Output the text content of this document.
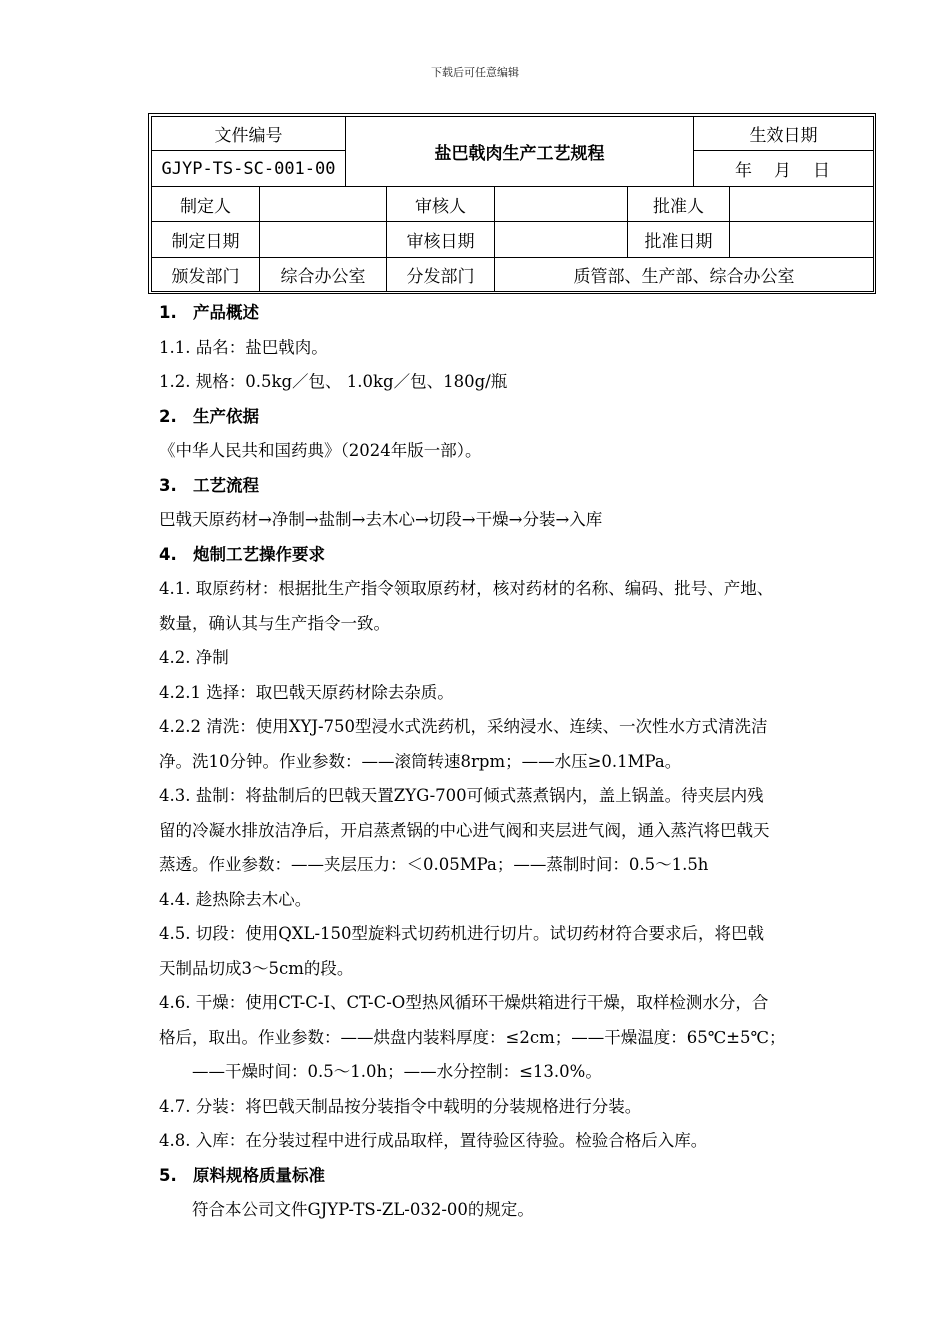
下载后可任意编辑
文件编号		盐巴戟肉生产工艺规程				生效日期	
GJYP-TS-SC-001-00						年 月 日	
制定人			审核人		批准人		
制定日期			审核日期		批准日期		
颁发部门	综合办公室		分发部门	质管部、生产部、综合办公室			
1. 产品概述
1.1. 品名：盐巴戟肉。
1.2. 规格：0.5kg／包、 1.0kg／包、180g/瓶
2. 生产依据
《中华人民共和国药典》（2024年版一部）。
3. 工艺流程
巴戟天原药材→净制→盐制→去木心→切段→干燥→分装→入库
4. 炮制工艺操作要求
4.1. 取原药材：根据批生产指令领取原药材，核对药材的名称、编码、批号、产地、
数量，确认其与生产指令一致。
4.2. 净制
4.2.1 选择：取巴戟天原药材除去杂质。
4.2.2 清洗：使用XYJ-750型浸水式洗药机，采纳浸水、连续、一次性水方式清洗洁
净。洗10分钟。作业参数：——滚筒转速8rpm；——水压≥0.1MPa。
4.3. 盐制：将盐制后的巴戟天置ZYG-700可倾式蒸煮锅内，盖上锅盖。待夹层内残
留的冷凝水排放洁净后，开启蒸煮锅的中心进气阀和夹层进气阀，通入蒸汽将巴戟天
蒸透。作业参数：——夹层压力：＜0.05MPa；——蒸制时间：0.5～1.5h
4.4. 趁热除去木心。
4.5. 切段：使用QXL-150型旋料式切药机进行切片。试切药材符合要求后，将巴戟
天制品切成3～5cm的段。
4.6. 干燥：使用CT-C-I、CT-C-O型热风循环干燥烘箱进行干燥，取样检测水分，合
格后，取出。作业参数：——烘盘内装料厚度：≤2cm；——干燥温度：65℃±5℃；
——干燥时间：0.5～1.0h；——水分控制：≤13.0%。
4.7. 分装：将巴戟天制品按分装指令中载明的分装规格进行分装。
4.8. 入库：在分装过程中进行成品取样，置待验区待验。检验合格后入库。
5. 原料规格质量标准
符合本公司文件GJYP-TS-ZL-032-00的规定。
